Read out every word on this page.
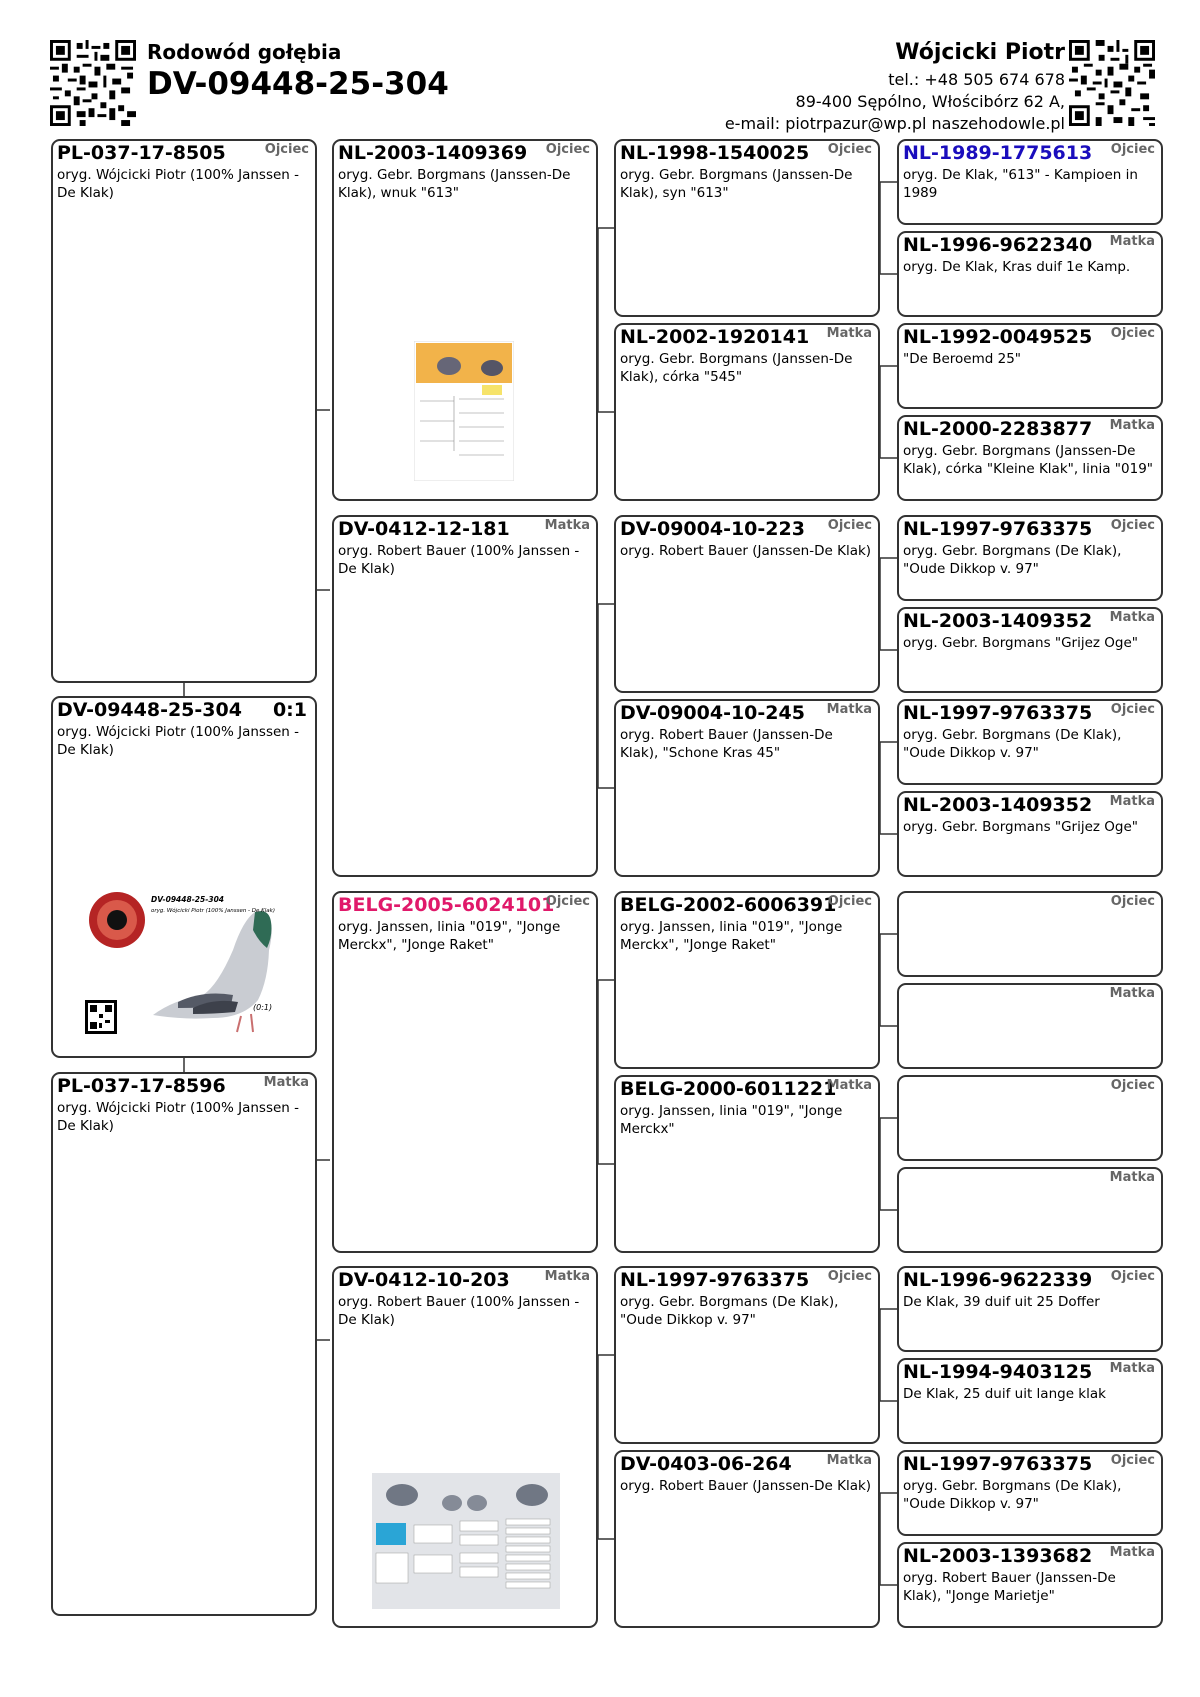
Rodowód gołębia
DV-09448-25-304
Wójcicki Piotr
tel.: +48 505 674 678
89-400 Sępólno, Włościbórz 62 A,
e-mail: piotrpazur@wp.pl naszehodowle.pl
PL-037-17-8505	Ojciec
oryg. Wójcicki Piotr (100% Janssen - De Klak)
DV-09448-25-304 0:1
oryg. Wójcicki Piotr (100% Janssen - De Klak)
DV-09448-25-304
oryg. Wójcicki Piotr (100% Janssen - De Klak)
(0:1)
PL-037-17-8596	Matka
oryg. Wójcicki Piotr (100% Janssen - De Klak)
NL-2003-1409369 Ojciec
oryg. Gebr. Borgmans (Janssen-De Klak), wnuk "613"
DV-0412-12-181	Matka
oryg. Robert Bauer (100% Janssen - De Klak)
BELG-2005-6024101
Ojciec
oryg. Janssen, linia "019", "Jonge Merckx", "Jonge Raket"
DV-0412-10-203	Matka
oryg. Robert Bauer (100% Janssen - De Klak)
NL-1998-1540025 Ojciec
oryg. Gebr. Borgmans (Janssen-De Klak), syn "613"
NL-2002-1920141 Matka
oryg. Gebr. Borgmans (Janssen-De Klak), córka "545"
DV-09004-10-223 Ojciec
oryg. Robert Bauer (Janssen-De Klak)
DV-09004-10-245 Matka
oryg. Robert Bauer (Janssen-De Klak), "Schone Kras 45"
BELG-2002-6006391
Ojciec
oryg. Janssen, linia "019", "Jonge Merckx", "Jonge Raket"
BELG-2000-6011221
Matka
oryg. Janssen, linia "019", "Jonge Merckx"
NL-1997-9763375 Ojciec
oryg. Gebr. Borgmans (De Klak), "Oude Dikkop v. 97"
DV-0403-06-264	Matka
oryg. Robert Bauer (Janssen-De Klak)
NL-1989-1775613 Ojciec
oryg. De Klak, "613" - Kampioen in 1989
NL-1996-9622340 Matka
oryg. De Klak, Kras duif 1e Kamp.
NL-1992-0049525 Ojciec
"De Beroemd 25"
NL-2000-2283877 Matka
oryg. Gebr. Borgmans (Janssen-De Klak), córka "Kleine Klak", linia "019"
NL-1997-9763375 Ojciec
oryg. Gebr. Borgmans (De Klak), "Oude Dikkop v. 97"
NL-2003-1409352 Matka
oryg. Gebr. Borgmans "Grijez Oge"
NL-1997-9763375 Ojciec
oryg. Gebr. Borgmans (De Klak), "Oude Dikkop v. 97"
NL-2003-1409352 Matka
oryg. Gebr. Borgmans "Grijez Oge"
Ojciec
Matka
Ojciec
Matka
NL-1996-9622339 Ojciec
De Klak, 39 duif uit 25 Doffer
NL-1994-9403125 Matka
De Klak, 25 duif uit lange klak
NL-1997-9763375 Ojciec
oryg. Gebr. Borgmans (De Klak), "Oude Dikkop v. 97"
NL-2003-1393682 Matka
oryg. Robert Bauer (Janssen-De Klak), "Jonge Marietje"
